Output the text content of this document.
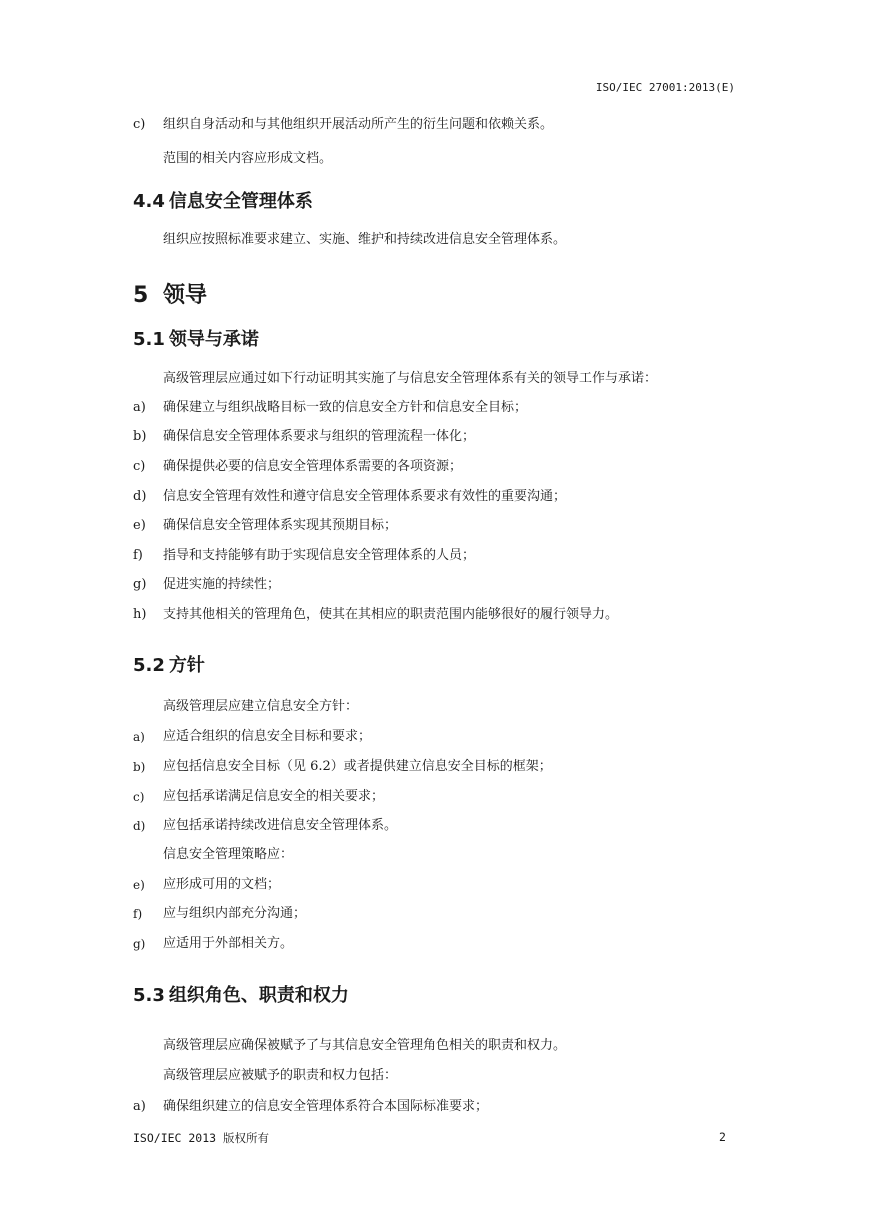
ISO/IEC 27001:2013(E)
c) 组织自身活动和与其他组织开展活动所产生的衍生问题和依赖关系。
范围的相关内容应形成文档。
4.4 信息安全管理体系
组织应按照标准要求建立、实施、维护和持续改进信息安全管理体系。
5 领导
5.1 领导与承诺
高级管理层应通过如下行动证明其实施了与信息安全管理体系有关的领导工作与承诺：
a) 确保建立与组织战略目标一致的信息安全方针和信息安全目标；
b) 确保信息安全管理体系要求与组织的管理流程一体化；
c) 确保提供必要的信息安全管理体系需要的各项资源；
d) 信息安全管理有效性和遵守信息安全管理体系要求有效性的重要沟通；
e) 确保信息安全管理体系实现其预期目标；
f) 指导和支持能够有助于实现信息安全管理体系的人员；
g) 促进实施的持续性；
h) 支持其他相关的管理角色，使其在其相应的职责范围内能够很好的履行领导力。
5.2 方针
高级管理层应建立信息安全方针：
a) 应适合组织的信息安全目标和要求；
b) 应包括信息安全目标（见 6.2）或者提供建立信息安全目标的框架；
c) 应包括承诺满足信息安全的相关要求；
d) 应包括承诺持续改进信息安全管理体系。
信息安全管理策略应：
e) 应形成可用的文档；
f) 应与组织内部充分沟通；
g) 应适用于外部相关方。
5.3 组织角色、职责和权力
高级管理层应确保被赋予了与其信息安全管理角色相关的职责和权力。
高级管理层应被赋予的职责和权力包括：
a) 确保组织建立的信息安全管理体系符合本国际标准要求；
ISO/IEC 2013 版权所有	2
